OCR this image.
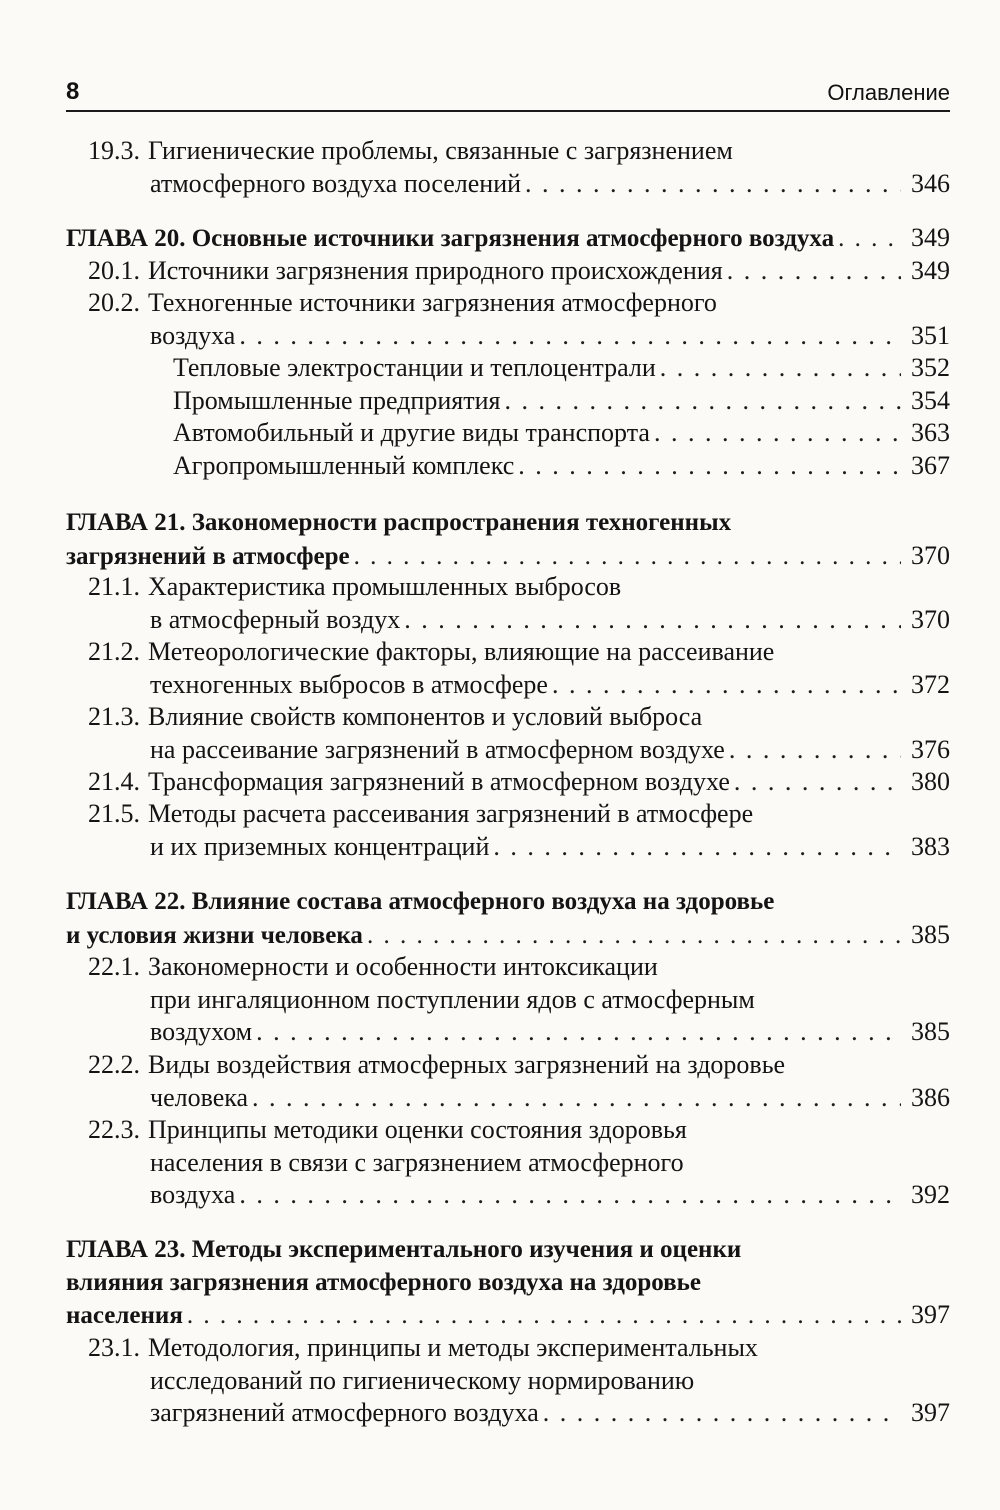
8	Оглавление
19.3. Гигиенические проблемы, связанные с загрязнением
атмосферного воздуха поселений . . .	346
ГЛАВА 20. Основные источники загрязнения атмосферного воздуха . . .	349
20.1. Источники загрязнения природного происхождения . . .	349
20.2. Техногенные источники загрязнения атмосферного
воздуха . . .	351
Тепловые электростанции и теплоцентрали . . .	352
Промышленные предприятия . . .	354
Автомобильный и другие виды транспорта . . .	363
Агропромышленный комплекс . . .	367
ГЛАВА 21. Закономерности распространения техногенных
загрязнений в атмосфере . . .	370
21.1. Характеристика промышленных выбросов
в атмосферный воздух . . .	370
21.2. Метеорологические факторы, влияющие на рассеивание
техногенных выбросов в атмосфере . . .	372
21.3. Влияние свойств компонентов и условий выброса
на рассеивание загрязнений в атмосферном воздухе . . .	376
21.4. Трансформация загрязнений в атмосферном воздухе . . .	380
21.5. Методы расчета рассеивания загрязнений в атмосфере
и их приземных концентраций . . .	383
ГЛАВА 22. Влияние состава атмосферного воздуха на здоровье
и условия жизни человека . . .	385
22.1. Закономерности и особенности интоксикации
при ингаляционном поступлении ядов с атмосферным
воздухом . . .	385
22.2. Виды воздействия атмосферных загрязнений на здоровье
человека . . .	386
22.3. Принципы методики оценки состояния здоровья
населения в связи с загрязнением атмосферного
воздуха . . .	392
ГЛАВА 23. Методы экспериментального изучения и оценки
влияния загрязнения атмосферного воздуха на здоровье
населения . . .	397
23.1. Методология, принципы и методы экспериментальных
исследований по гигиеническому нормированию
загрязнений атмосферного воздуха . . .	397
